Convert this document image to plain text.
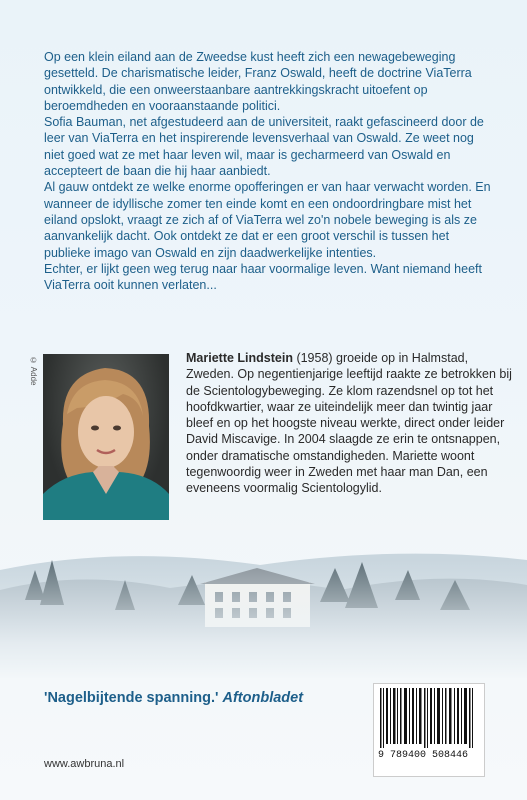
Op een klein eiland aan de Zweedse kust heeft zich een newagebeweging gesetteld. De charismatische leider, Franz Oswald, heeft de doctrine ViaTerra ontwikkeld, die een onweerstaanbare aantrekkingskracht uitoefent op beroemdheden en vooraanstaande politici.

Sofia Bauman, net afgestudeerd aan de universiteit, raakt gefascineerd door de leer van ViaTerra en het inspirerende levensverhaal van Oswald. Ze weet nog niet goed wat ze met haar leven wil, maar is gecharmeerd van Oswald en accepteert de baan die hij haar aanbiedt.

Al gauw ontdekt ze welke enorme opofferingen er van haar verwacht worden. En wanneer de idyllische zomer ten einde komt en een ondoordringbare mist het eiland opslokt, vraagt ze zich af of ViaTerra wel zo'n nobele beweging is als ze aanvankelijk dacht. Ook ontdekt ze dat er een groot verschil is tussen het publieke imago van Oswald en zijn daadwerkelijke intenties.

Echter, er lijkt geen weg terug naar haar voormalige leven. Want niemand heeft ViaTerra ooit kunnen verlaten...

© Adde	Mariette Lindstein (1958) groeide op in Halmstad, Zweden. Op negentienjarige leeftijd raakte ze betrokken bij de Scientologybeweging. Ze klom razendsnel op tot het hoofdkwartier, waar ze uiteindelijk meer dan twintig jaar bleef en op het hoogste niveau werkte, direct onder leider David Miscavige. In 2004 slaagde ze erin te ontsnappen, onder dramatische omstandigheden. Mariette woont tegenwoordig weer in Zweden met haar man Dan, een eveneens voormalig Scientologylid.
'Nagelbijtende spanning.' Aftonbladet
www.awbruna.nl
9 789400 508446
